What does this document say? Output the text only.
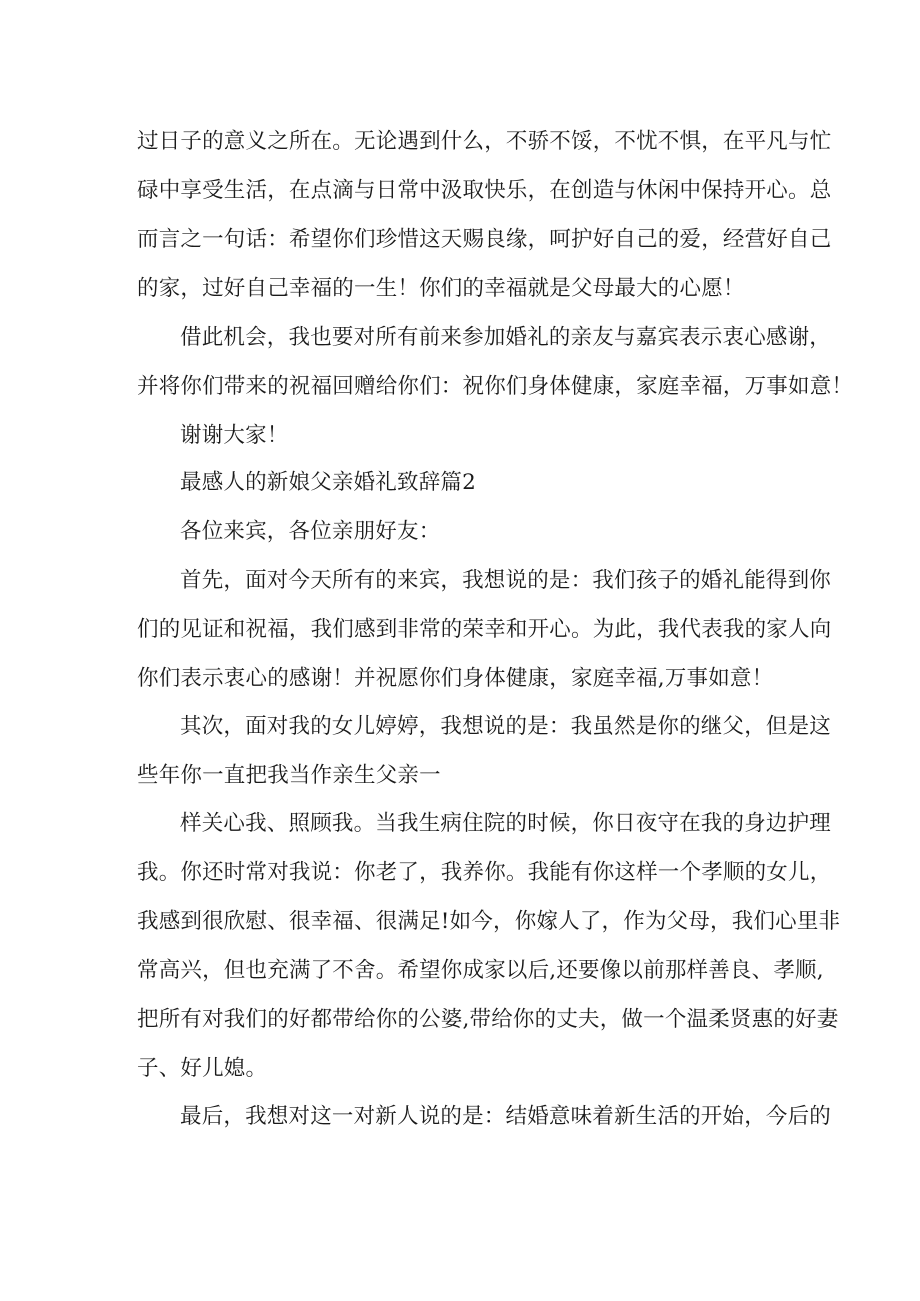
过日子的意义之所在。无论遇到什么，不骄不馁，不忧不惧，在平凡与忙
碌中享受生活，在点滴与日常中汲取快乐，在创造与休闲中保持开心。总
而言之一句话：希望你们珍惜这天赐良缘，呵护好自己的爱，经营好自己
的家，过好自己幸福的一生！你们的幸福就是父母最大的心愿！
借此机会，我也要对所有前来参加婚礼的亲友与嘉宾表示衷心感谢，
并将你们带来的祝福回赠给你们：祝你们身体健康，家庭幸福，万事如意！
谢谢大家！
最感人的新娘父亲婚礼致辞篇2
各位来宾，各位亲朋好友：
首先，面对今天所有的来宾，我想说的是：我们孩子的婚礼能得到你
们的见证和祝福，我们感到非常的荣幸和开心。为此，我代表我的家人向
你们表示衷心的感谢！并祝愿你们身体健康，家庭幸福,万事如意！
其次，面对我的女儿婷婷，我想说的是：我虽然是你的继父，但是这
些年你一直把我当作亲生父亲一
样关心我、照顾我。当我生病住院的时候，你日夜守在我的身边护理
我。你还时常对我说：你老了，我养你。我能有你这样一个孝顺的女儿，
我感到很欣慰、很幸福、很满足!如今，你嫁人了，作为父母，我们心里非
常高兴，但也充满了不舍。希望你成家以后,还要像以前那样善良、孝顺,
把所有对我们的好都带给你的公婆,带给你的丈夫，做一个温柔贤惠的好妻
子、好儿媳。
最后，我想对这一对新人说的是：结婚意味着新生活的开始，今后的
